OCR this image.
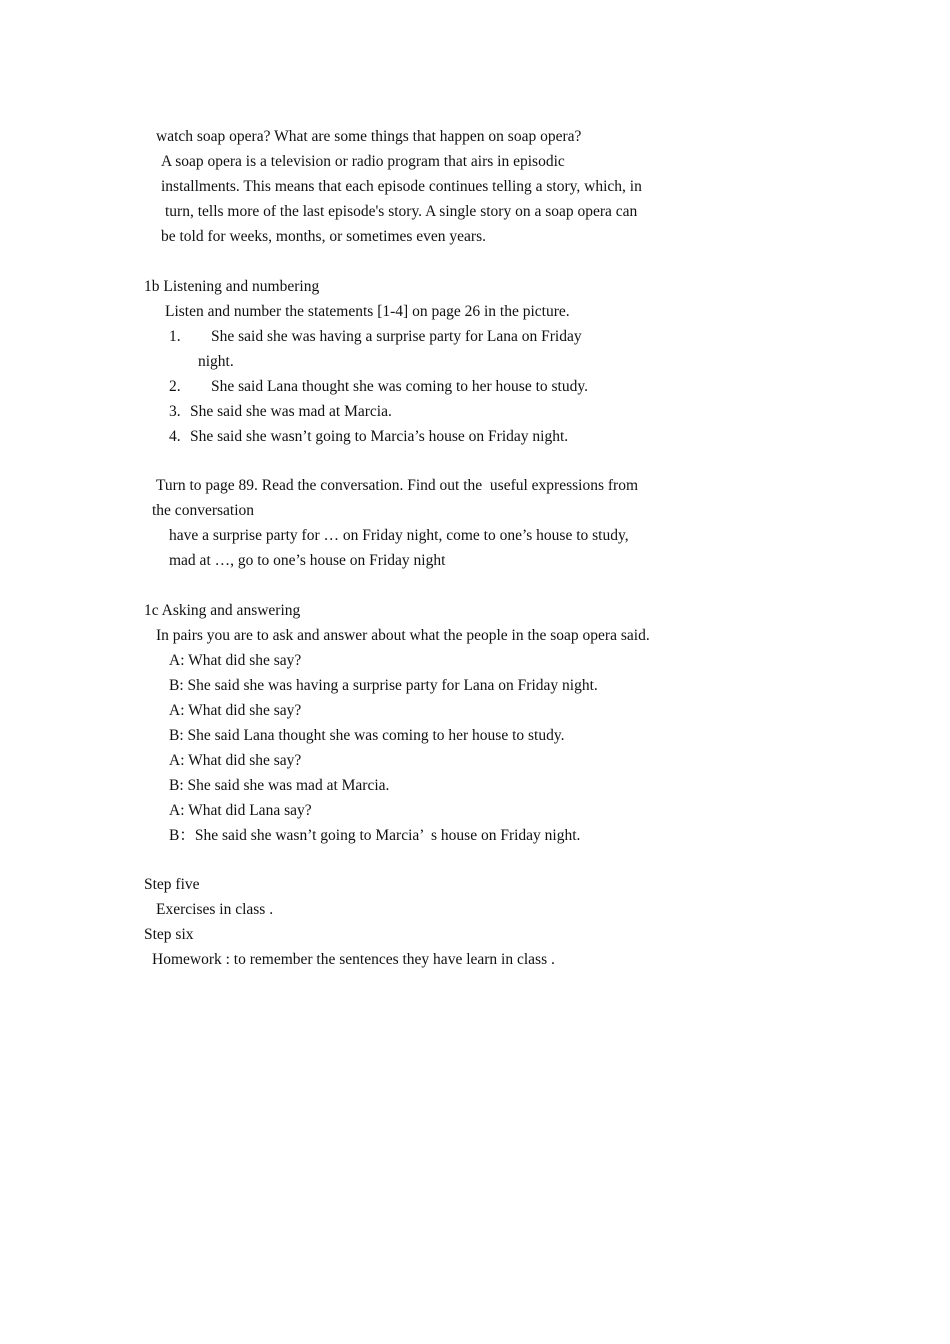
watch soap opera? What are some things that happen on soap opera?
A soap opera is a television or radio program that airs in episodic
installments. This means that each episode continues telling a story, which, in
turn, tells more of the last episode's story. A single story on a soap opera can
be told for weeks, months, or sometimes even years.
1b Listening and numbering
Listen and number the statements [1-4] on page 26 in the picture.
1. She said she was having a surprise party for Lana on Friday
night.
2. She said Lana thought she was coming to her house to study.
3. She said she was mad at Marcia.
4. She said she wasn’t going to Marcia’s house on Friday night.
Turn to page 89. Read the conversation. Find out the  useful expressions from
the conversation
have a surprise party for … on Friday night, come to one’s house to study,
mad at …, go to one’s house on Friday night
1c Asking and answering
In pairs you are to ask and answer about what the people in the soap opera said.
A: What did she say?
B: She said she was having a surprise party for Lana on Friday night.
A: What did she say?
B: She said Lana thought she was coming to her house to study.
A: What did she say?
B: She said she was mad at Marcia.
A: What did Lana say?
B：She said she wasn’t going to Marcia’  s house on Friday night.
Step five
Exercises in class .
Step six
Homework : to remember the sentences they have learn in class .
